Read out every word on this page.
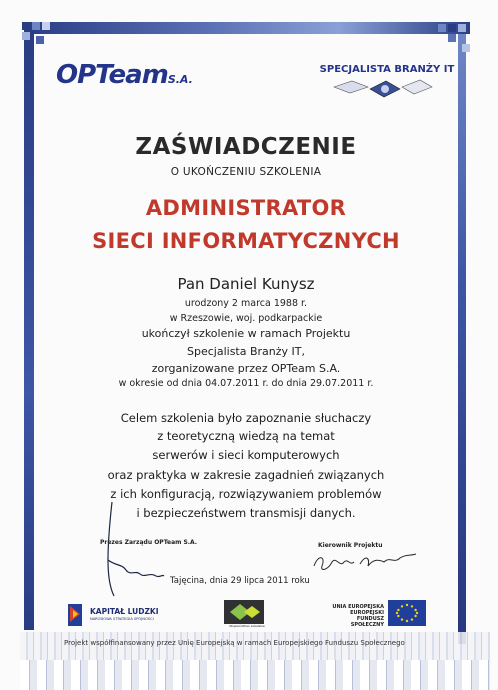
OPTeamS.A.
SPECJALISTA BRANŻY IT
ZAŚWIADCZENIE
O UKOŃCZENIU SZKOLENIA
ADMINISTRATOR
SIECI INFORMATYCZNYCH
Pan Daniel Kunysz
urodzony 2 marca 1988 r.
w Rzeszowie, woj. podkarpackie
ukończył szkolenie w ramach Projektu
Specjalista Branży IT,
zorganizowane przez OPTeam S.A.
w okresie od dnia 04.07.2011 r. do dnia 29.07.2011 r.
Celem szkolenia było zapoznanie słuchaczy
z teoretyczną wiedzą na temat
serwerów i sieci komputerowych
oraz praktyka w zakresie zagadnień związanych
z ich konfiguracją, rozwiązywaniem problemów
i bezpieczeństwem transmisji danych.
Prezes Zarządu OPTeam S.A.	Kierownik Projektu
Tajęcina, dnia 29 lipca 2011 roku
KAPITAŁ LUDZKI
NARODOWA STRATEGIA SPÓJNOŚCI
Województwo Lubelskie
UNIA EUROPEJSKA
EUROPEJSKI
FUNDUSZ SPOŁECZNY
Projekt współfinansowany przez Unię Europejską w ramach Europejskiego Funduszu Społecznego
